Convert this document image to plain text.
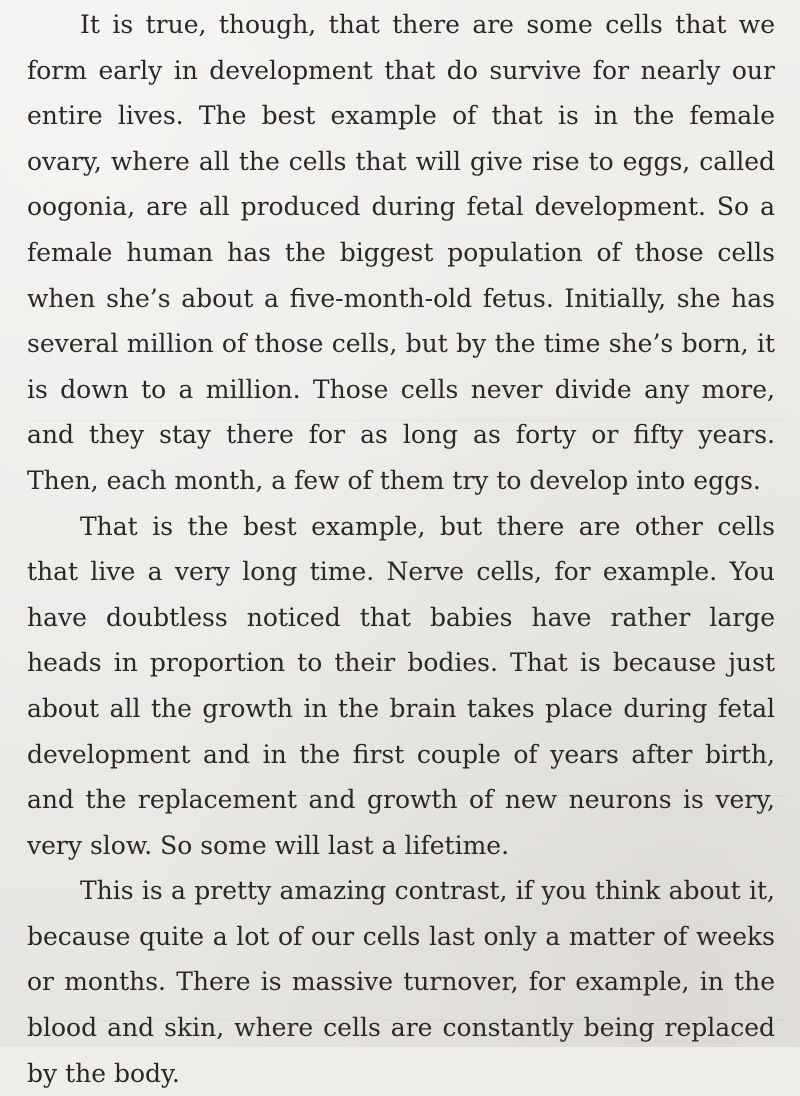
It is true, though, that there are some cells that we form early in development that do survive for nearly our entire lives. The best example of that is in the female ovary, where all the cells that will give rise to eggs, called oogonia, are all produced during fetal development. So a female human has the biggest population of those cells when she’s about a five-month-old fetus. Initially, she has several million of those cells, but by the time she’s born, it is down to a million. Those cells never divide any more, and they stay there for as long as forty or fifty years. Then, each month, a few of them try to develop into eggs.

That is the best example, but there are other cells that live a very long time. Nerve cells, for example. You have doubtless noticed that babies have rather large heads in proportion to their bodies. That is because just about all the growth in the brain takes place during fetal development and in the first couple of years after birth, and the replacement and growth of new neurons is very, very slow. So some will last a lifetime.

This is a pretty amazing contrast, if you think about it, because quite a lot of our cells last only a matter of weeks or months. There is massive turnover, for example, in the blood and skin, where cells are constantly being replaced by the body.
